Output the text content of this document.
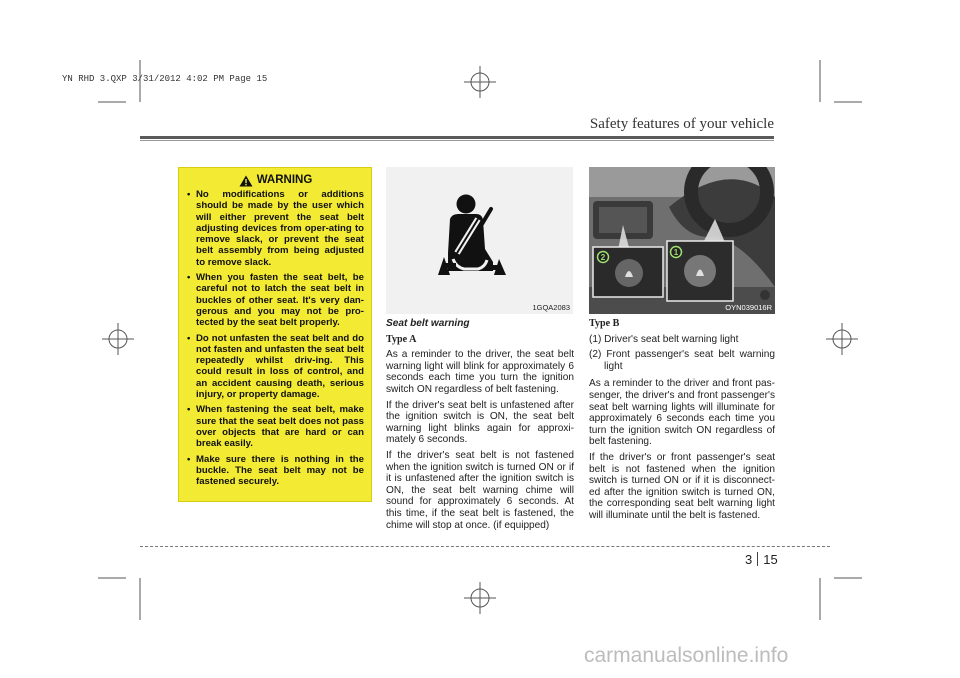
YN RHD 3.QXP 3/31/2012 4:02 PM Page 15
Safety features of your vehicle
WARNING
• No modifications or additions should be made by the user which will either prevent the seat belt adjusting devices from oper-ating to remove slack, or prevent the seat belt assembly from being adjusted to remove slack.
• When you fasten the seat belt, be careful not to latch the seat belt in buckles of other seat. It's very dan-gerous and you may not be pro-tected by the seat belt properly.
• Do not unfasten the seat belt and do not fasten and unfasten the seat belt repeatedly whilst driv-ing. This could result in loss of control, and an accident causing death, serious injury, or property damage.
• When fastening the seat belt, make sure that the seat belt does not pass over objects that are hard or can break easily.
• Make sure there is nothing in the buckle. The seat belt may not be fastened securely.
1GQA2083
2
1
OYN039016R

Seat belt warning

Type A

As a reminder to the driver, the seat belt warning light will blink for approximately 6 seconds each time you turn the ignition switch ON regardless of belt fastening.

If the driver's seat belt is unfastened after the ignition switch is ON, the seat belt warning light blinks again for approxi-mately 6 seconds.

If the driver's seat belt is not fastened when the ignition switch is turned ON or if it is unfastened after the ignition switch is ON, the seat belt warning chime will sound for approximately 6 seconds. At this time, if the seat belt is fastened, the chime will stop at once. (if equipped)

Type B

(1) Driver's seat belt warning light

(2) Front passenger's seat belt warning light

As a reminder to the driver and front pas-senger, the driver's and front passenger's seat belt warning lights will illuminate for approximately 6 seconds each time you turn the ignition switch ON regardless of belt fastening.

If the driver's or front passenger's seat belt is not fastened when the ignition switch is turned ON or if it is disconnect-ed after the ignition switch is turned ON, the corresponding seat belt warning light will illuminate until the belt is fastened.

3 15
carmanualsonline.info
